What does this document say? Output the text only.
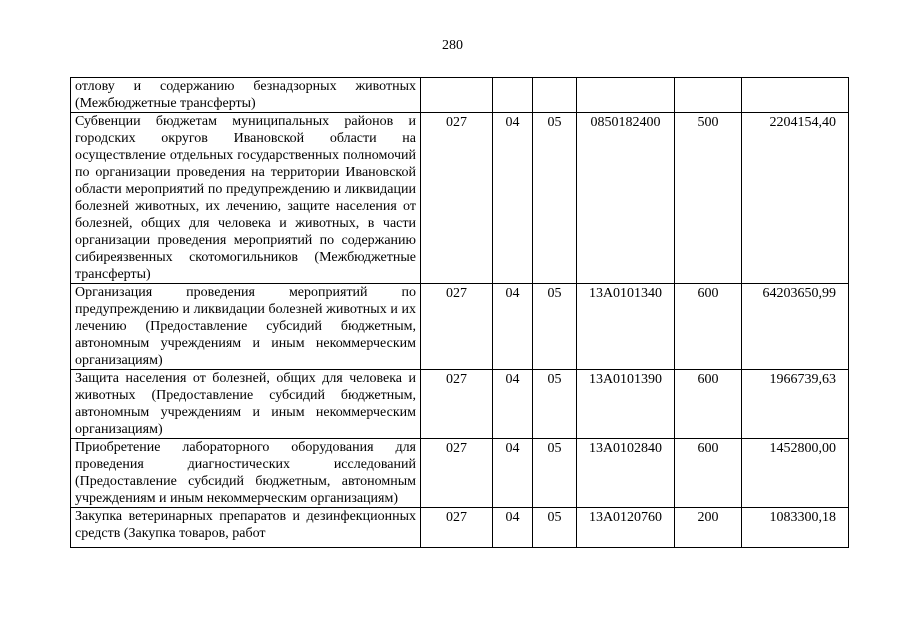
280
отлову и содержанию безнадзорных животных (Межбюджетные трансферты)						
Субвенции бюджетам муниципальных районов и городских округов Ивановской области на осуществление отдельных государственных полномочий по организации проведения на территории Ивановской области мероприятий по предупреждению и ликвидации болезней животных, их лечению, защите населения от болезней, общих для человека и животных, в части организации проведения мероприятий по содержанию сибиреязвенных скотомогильников (Межбюджетные трансферты)	027	04	05	0850182400	500	2204154,40
Организация проведения мероприятий по предупреждению и ликвидации болезней животных и их лечению (Предоставление субсидий бюджетным, автономным учреждениям и иным некоммерческим организациям)	027	04	05	13А0101340	600	64203650,99
Защита населения от болезней, общих для человека и животных (Предоставление субсидий бюджетным, автономным учреждениям и иным некоммерческим организациям)	027	04	05	13А0101390	600	1966739,63
Приобретение лабораторного оборудования для проведения диагностических исследований (Предоставление субсидий бюджетным, автономным учреждениям и иным некоммерческим организациям)	027	04	05	13А0102840	600	1452800,00
Закупка ветеринарных препаратов и дезинфекционных средств (Закупка товаров, работ	027	04	05	13А0120760	200	1083300,18
